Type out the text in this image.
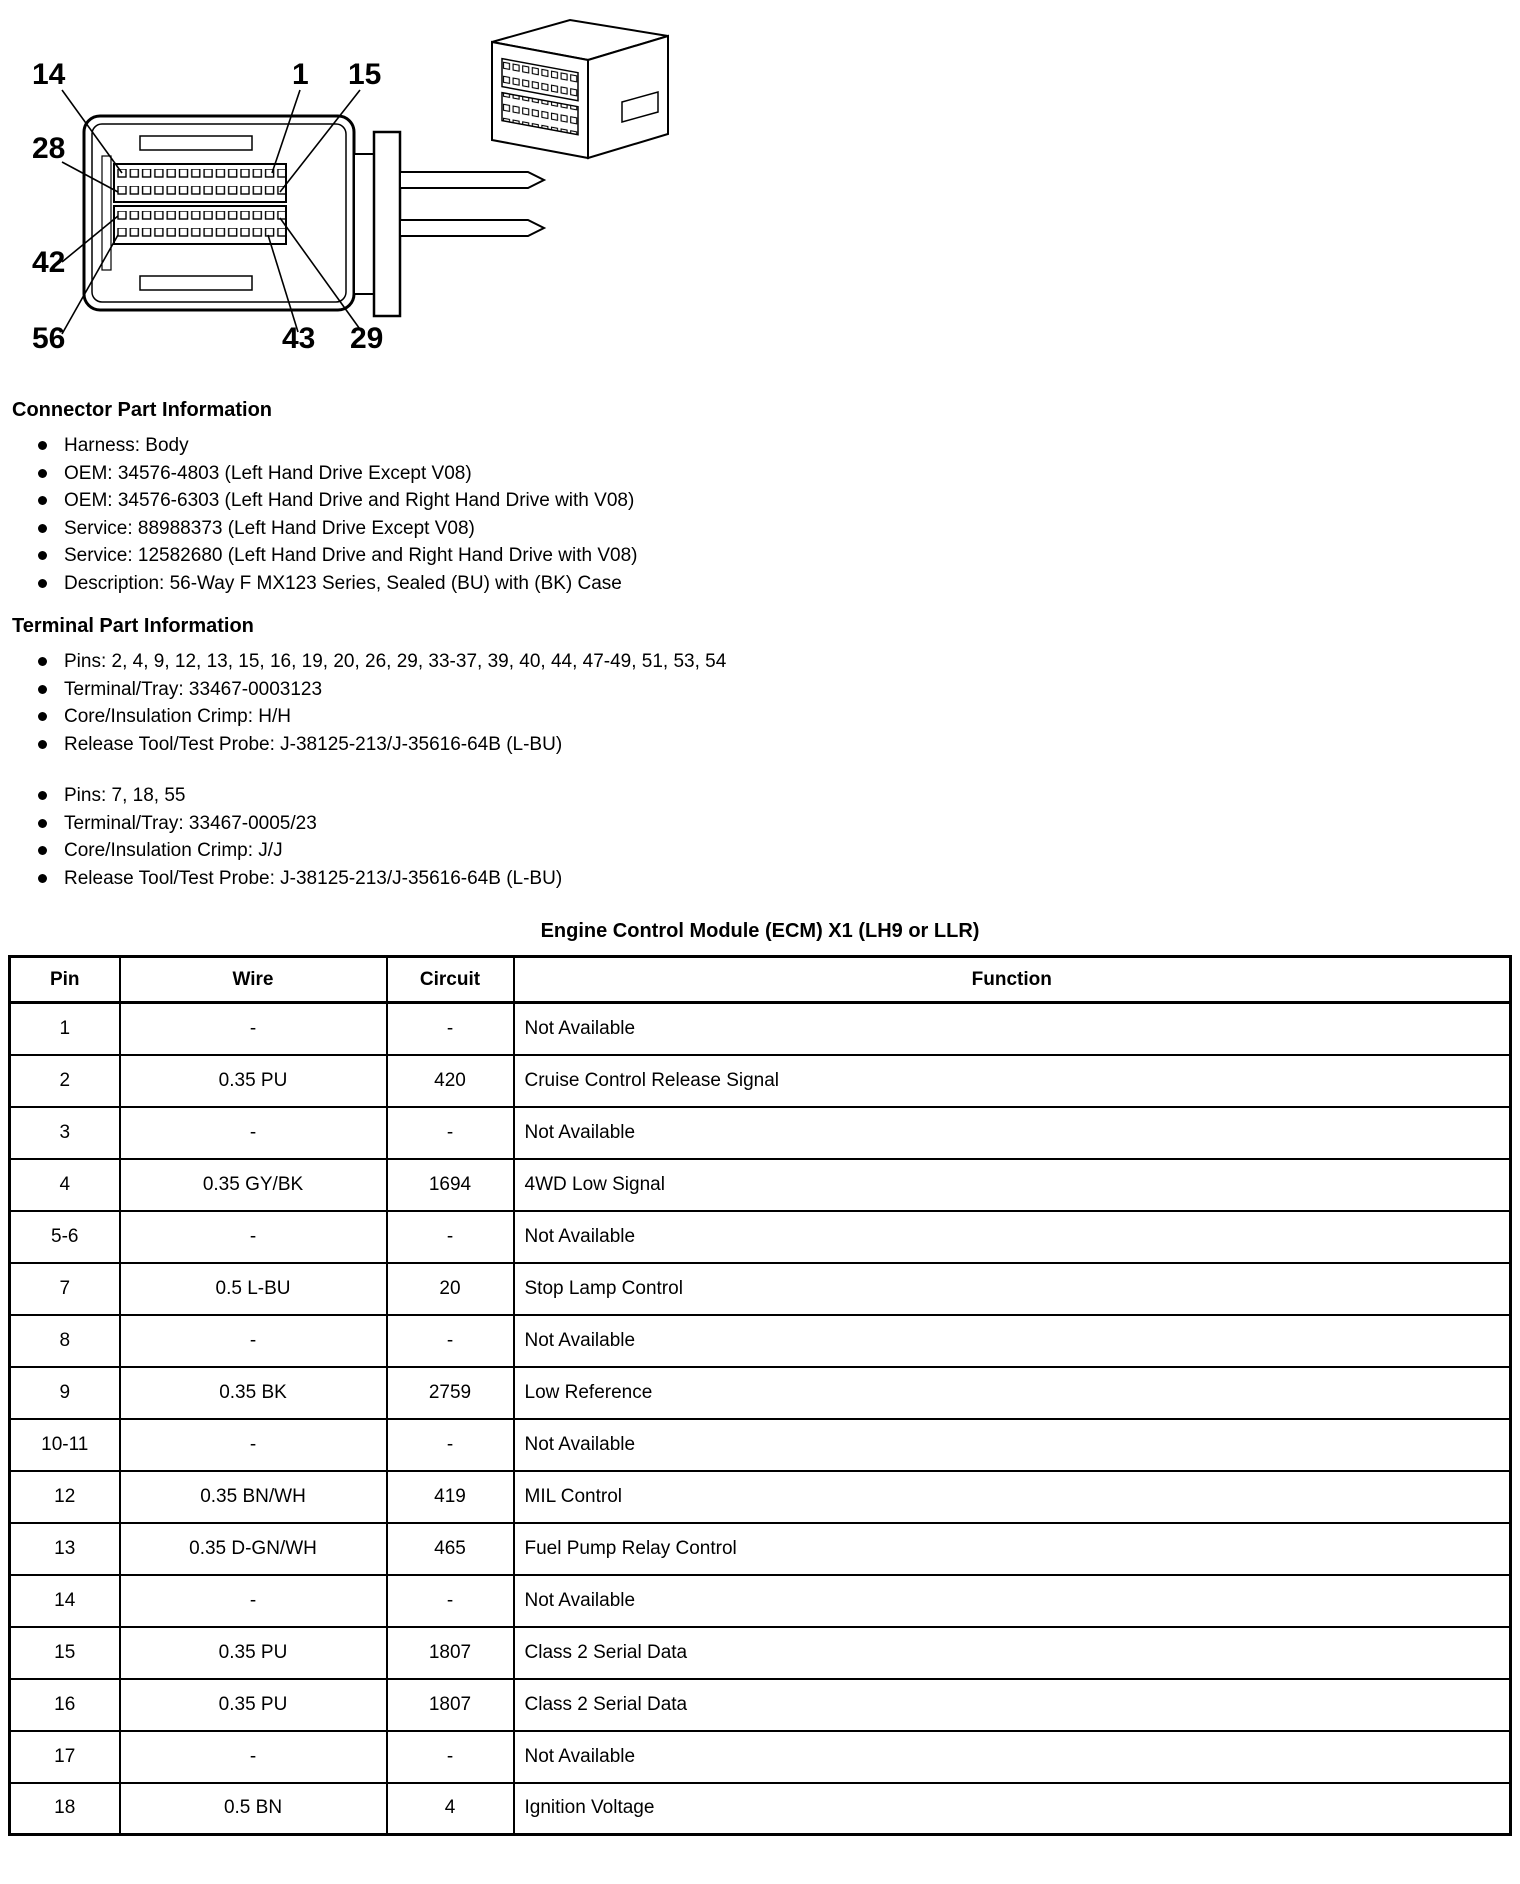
14	1 15
28
42
56	43 29
Connector Part Information
Harness: Body
OEM: 34576-4803 (Left Hand Drive Except V08)
OEM: 34576-6303 (Left Hand Drive and Right Hand Drive with V08)
Service: 88988373 (Left Hand Drive Except V08)
Service: 12582680 (Left Hand Drive and Right Hand Drive with V08)
Description: 56-Way F MX123 Series, Sealed (BU) with (BK) Case
Terminal Part Information
Pins: 2, 4, 9, 12, 13, 15, 16, 19, 20, 26, 29, 33-37, 39, 40, 44, 47-49, 51, 53, 54
Terminal/Tray: 33467-0003123
Core/Insulation Crimp: H/H
Release Tool/Test Probe: J-38125-213/J-35616-64B (L-BU)
Pins: 7, 18, 55
Terminal/Tray: 33467-0005/23
Core/Insulation Crimp: J/J
Release Tool/Test Probe: J-38125-213/J-35616-64B (L-BU)
Engine Control Module (ECM) X1 (LH9 or LLR)
Pin	Wire	Circuit	Function
1	-	-	Not Available
2	0.35 PU	420	Cruise Control Release Signal
3	-	-	Not Available
4	0.35 GY/BK	1694	4WD Low Signal
5-6	-	-	Not Available
7	0.5 L-BU	20	Stop Lamp Control
8	-	-	Not Available
9	0.35 BK	2759	Low Reference
10-11	-	-	Not Available
12	0.35 BN/WH	419	MIL Control
13	0.35 D-GN/WH	465	Fuel Pump Relay Control
14	-	-	Not Available
15	0.35 PU	1807	Class 2 Serial Data
16	0.35 PU	1807	Class 2 Serial Data
17	-	-	Not Available
18	0.5 BN	4	Ignition Voltage
